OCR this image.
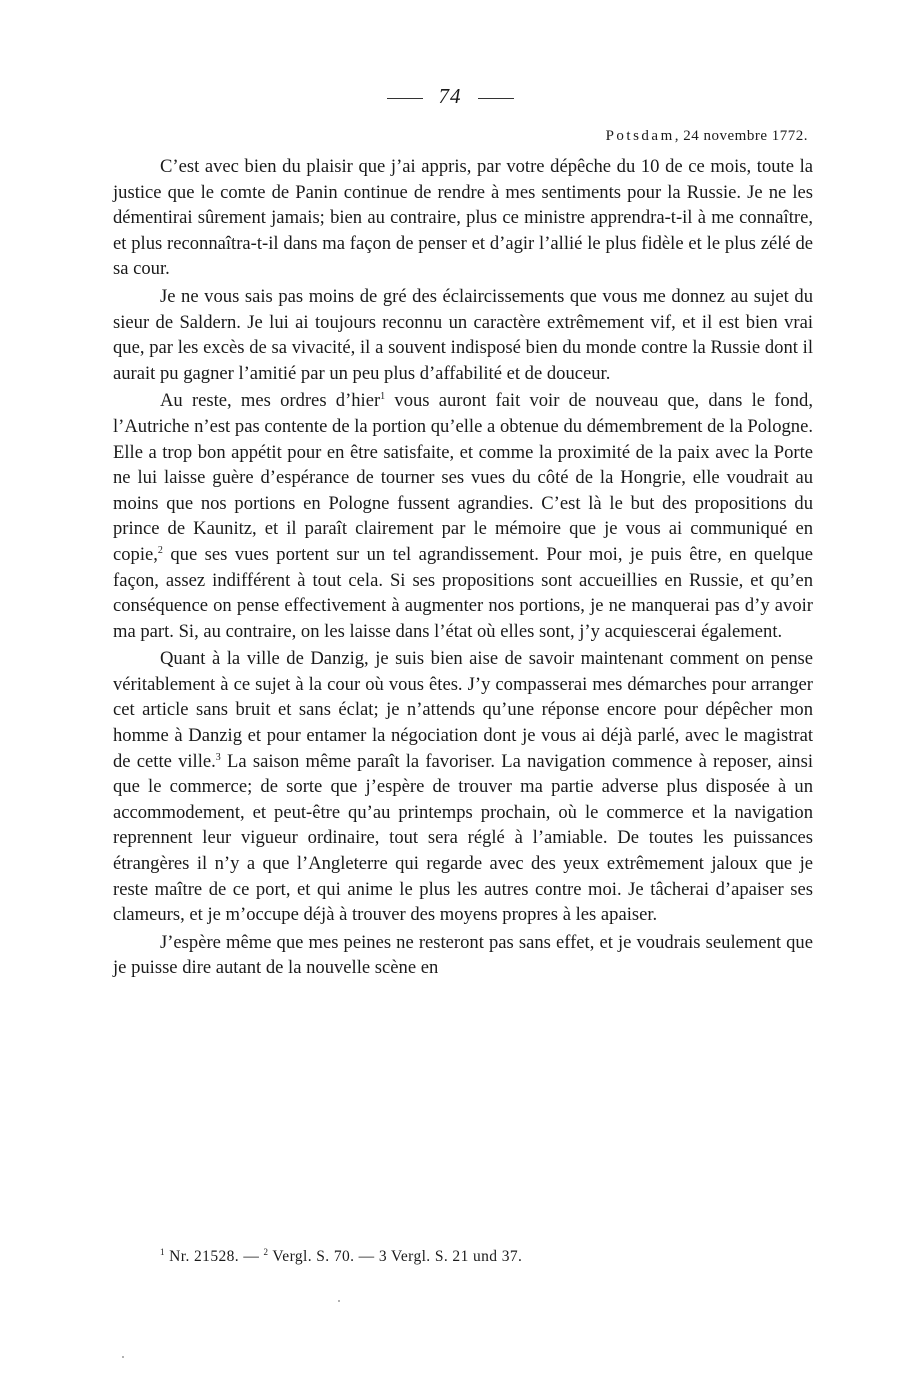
74
Potsdam, 24 novembre 1772.

C’est avec bien du plaisir que j’ai appris, par votre dépêche du 10 de ce mois, toute la justice que le comte de Panin continue de rendre à mes sentiments pour la Russie. Je ne les démentirai sûrement jamais; bien au contraire, plus ce ministre apprendra-t-il à me connaître, et plus reconnaîtra-t-il dans ma façon de penser et d’agir l’allié le plus fidèle et le plus zélé de sa cour.

Je ne vous sais pas moins de gré des éclaircissements que vous me donnez au sujet du sieur de Saldern. Je lui ai toujours reconnu un caractère extrêmement vif, et il est bien vrai que, par les excès de sa vivacité, il a souvent indisposé bien du monde contre la Russie dont il aurait pu gagner l’amitié par un peu plus d’affabilité et de douceur.

Au reste, mes ordres d’hier$^1$ vous auront fait voir de nouveau que, dans le fond, l’Autriche n’est pas contente de la portion qu’elle a obtenue du démembrement de la Pologne. Elle a trop bon appétit pour en être satisfaite, et comme la proximité de la paix avec la Porte ne lui laisse guère d’espérance de tourner ses vues du côté de la Hongrie, elle voudrait au moins que nos portions en Pologne fussent agrandies. C’est là le but des propositions du prince de Kaunitz, et il paraît clairement par le mémoire que je vous ai communiqué en copie,$^2$ que ses vues portent sur un tel agrandissement. Pour moi, je puis être, en quelque façon, assez indifférent à tout cela. Si ses propositions sont accueillies en Russie, et qu’en conséquence on pense effectivement à augmenter nos portions, je ne manquerai pas d’y avoir ma part. Si, au contraire, on les laisse dans l’état où elles sont, j’y acquiescerai également.

Quant à la ville de Danzig, je suis bien aise de savoir maintenant comment on pense véritablement à ce sujet à la cour où vous êtes. J’y compasserai mes démarches pour arranger cet article sans bruit et sans éclat; je n’attends qu’une réponse encore pour dépêcher mon homme à Danzig et pour entamer la négociation dont je vous ai déjà parlé, avec le magistrat de cette ville.$^3$ La saison même paraît la favoriser. La navigation commence à reposer, ainsi que le commerce; de sorte que j’espère de trouver ma partie adverse plus disposée à un accommodement, et peut-être qu’au printemps prochain, où le commerce et la navigation reprennent leur vigueur ordinaire, tout sera réglé à l’amiable. De toutes les puissances étrangères il n’y a que l’Angleterre qui regarde avec des yeux extrêmement jaloux que je reste maître de ce port, et qui anime le plus les autres contre moi. Je tâcherai d’apaiser ses clameurs, et je m’occupe déjà à trouver des moyens propres à les apaiser.

J’espère même que mes peines ne resteront pas sans effet, et je voudrais seulement que je puisse dire autant de la nouvelle scène en

$^1$ Nr. 21528. — $^2$ Vergl. S. 70. — 3 Vergl. S. 21 und 37.
